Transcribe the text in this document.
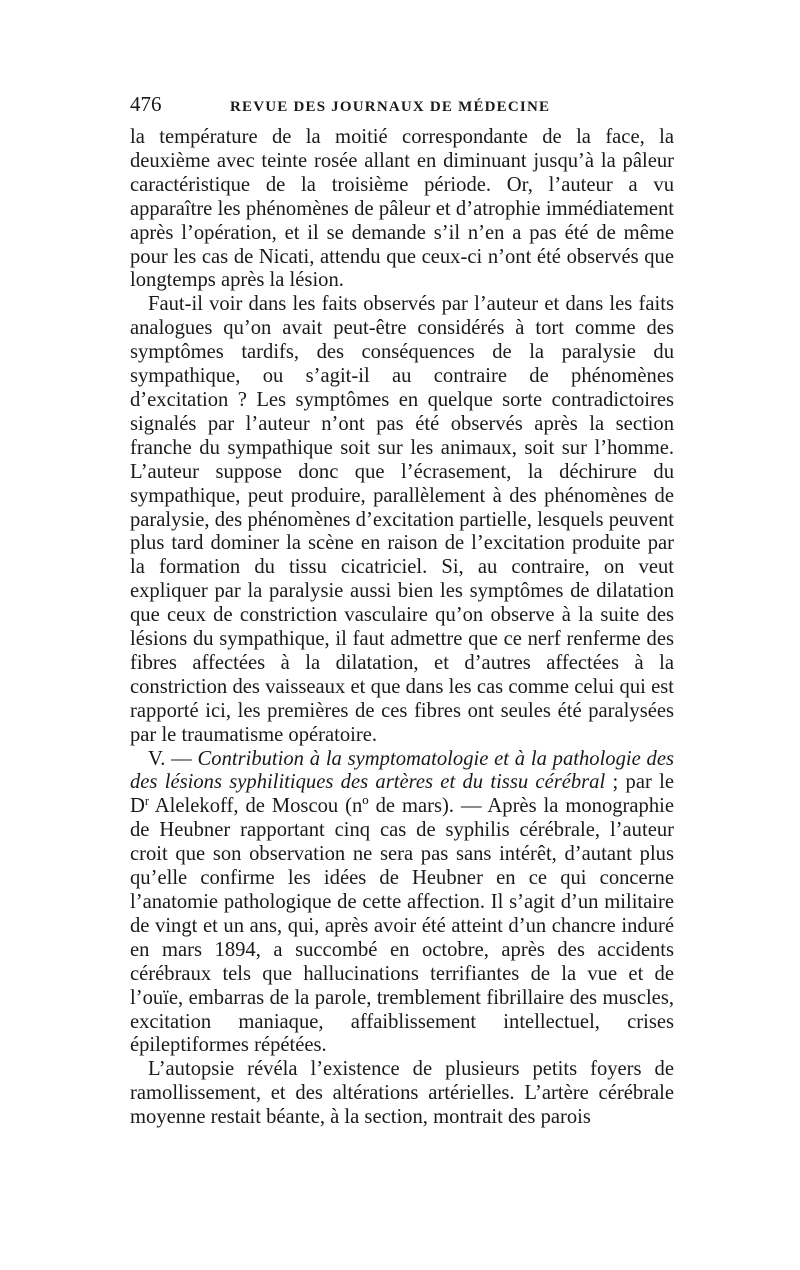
476	REVUE DES JOURNAUX DE MÉDECINE

la température de la moitié correspondante de la face, la deuxième avec teinte rosée allant en diminuant jusqu’à la pâleur caractéristique de la troisième période. Or, l’auteur a vu apparaître les phénomènes de pâleur et d’atrophie immédiatement après l’opération, et il se demande s’il n’en a pas été de même pour les cas de Nicati, attendu que ceux-ci n’ont été observés que longtemps après la lésion.

Faut-il voir dans les faits observés par l’auteur et dans les faits analogues qu’on avait peut-être considérés à tort comme des symptômes tardifs, des conséquences de la paralysie du sympathique, ou s’agit-il au contraire de phénomènes d’excitation ? Les symptômes en quelque sorte contradictoires signalés par l’auteur n’ont pas été observés après la section franche du sympathique soit sur les animaux, soit sur l’homme. L’auteur suppose donc que l’écrasement, la déchirure du sympathique, peut produire, parallèlement à des phénomènes de paralysie, des phénomènes d’excitation partielle, lesquels peuvent plus tard dominer la scène en raison de l’excitation produite par la formation du tissu cicatriciel. Si, au contraire, on veut expliquer par la paralysie aussi bien les symptômes de dilatation que ceux de constriction vasculaire qu’on observe à la suite des lésions du sympathique, il faut admettre que ce nerf renferme des fibres affectées à la dilatation, et d’autres affectées à la constriction des vaisseaux et que dans les cas comme celui qui est rapporté ici, les premières de ces fibres ont seules été paralysées par le traumatisme opératoire.

V. — Contribution à la symptomatologie et à la pathologie des des lésions syphilitiques des artères et du tissu cérébral ; par le $D^r$ Alelekoff, de Moscou (nº de mars). — Après la monographie de Heubner rapportant cinq cas de syphilis cérébrale, l’auteur croit que son observation ne sera pas sans intérêt, d’autant plus qu’elle confirme les idées de Heubner en ce qui concerne l’anatomie pathologique de cette affection. Il s’agit d’un militaire de vingt et un ans, qui, après avoir été atteint d’un chancre induré en mars 1894, a succombé en octobre, après des accidents cérébraux tels que hallucinations terrifiantes de la vue et de l’ouïe, embarras de la parole, tremblement fibrillaire des muscles, excitation maniaque, affaiblissement intellectuel, crises épileptiformes répétées.

L’autopsie révéla l’existence de plusieurs petits foyers de ramollissement, et des altérations artérielles. L’artère cérébrale moyenne restait béante, à la section, montrait des parois
